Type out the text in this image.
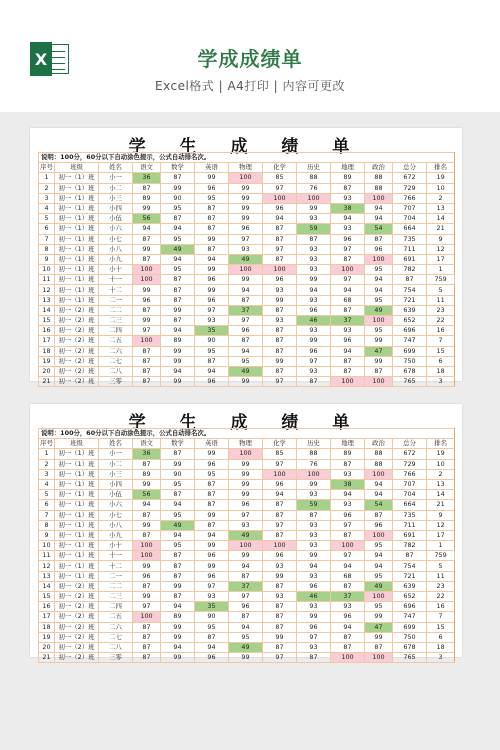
X	学成成绩单
Excel格式 | A4打印 | 内容可更改
学 生 成 绩 单
说明：100分，60分以下自动涂色提示，公式自动排名次。													
序号	班级	姓名	语文	数学	英语	物理	化学	历史	地理	政治	总分	排名	
1	初一（1）班	小一	36	87	99	100	85	88	89	88	672	19	
2	初一（1）班	小二	87	99	96	99	97	76	87	88	729	10	
3	初一（1）班	小三	89	90	95	99	100	100	93	100	766	2	
4	初一（1）班	小四	99	95	87	99	96	99	38	94	707	13	
5	初一（1）班	小伍	56	87	87	99	94	93	94	94	704	14	
6	初一（1）班	小六	94	94	87	96	87	59	93	54	664	21	
7	初一（1）班	小七	87	95	99	97	87	87	96	87	735	9	
8	初一（1）班	小八	99	49	87	93	97	93	97	96	711	12	
9	初一（1）班	小九	87	94	94	49	87	93	87	100	691	17	
10	初一（1）班	小十	100	95	99	100	100	93	100	95	782	1	
11	初一（1）班	十一	100	87	96	99	96	99	97	94	87	759	
12	初一（1）班	十二	99	87	99	94	93	94	94	94	754	5	
13	初一（1）班	二一	96	87	96	87	99	93	68	95	721	11	
14	初一（2）班	二二	87	99	97	37	87	96	87	49	639	23	
15	初一（2）班	二三	99	87	93	97	93	46	37	100	652	22	
16	初一（2）班	二四	97	94	35	96	87	93	93	95	696	16	
17	初一（2）班	二五	100	89	90	87	87	99	96	99	747	7	
18	初一（2）班	二六	87	99	95	94	87	96	94	47	699	15	
19	初一（2）班	二七	87	99	87	95	99	97	87	99	750	6	
20	初一（2）班	二八	87	94	94	49	87	93	87	87	678	18	
21	初一（2）班	三零	87	99	96	99	97	87	100	100	765	3	
学 生 成 绩 单
说明：100分，60分以下自动涂色提示，公式自动排名次。													
序号	班级	姓名	语文	数学	英语	物理	化学	历史	地理	政治	总分	排名	
1	初一（1）班	小一	36	87	99	100	85	88	89	88	672	19	
2	初一（1）班	小二	87	99	96	99	97	76	87	88	729	10	
3	初一（1）班	小三	89	90	95	99	100	100	93	100	766	2	
4	初一（1）班	小四	99	95	87	99	96	99	38	94	707	13	
5	初一（1）班	小伍	56	87	87	99	94	93	94	94	704	14	
6	初一（1）班	小六	94	94	87	96	87	59	93	54	664	21	
7	初一（1）班	小七	87	95	99	97	87	87	96	87	735	9	
8	初一（1）班	小八	99	49	87	93	97	93	97	96	711	12	
9	初一（1）班	小九	87	94	94	49	87	93	87	100	691	17	
10	初一（1）班	小十	100	95	99	100	100	93	100	95	782	1	
11	初一（1）班	十一	100	87	96	99	96	99	97	94	87	759	
12	初一（1）班	十二	99	87	99	94	93	94	94	94	754	5	
13	初一（1）班	二一	96	87	96	87	99	93	68	95	721	11	
14	初一（2）班	二二	87	99	97	37	87	96	87	49	639	23	
15	初一（2）班	二三	99	87	93	97	93	46	37	100	652	22	
16	初一（2）班	二四	97	94	35	96	87	93	93	95	696	16	
17	初一（2）班	二五	100	89	90	87	87	99	96	99	747	7	
18	初一（2）班	二六	87	99	95	94	87	96	94	47	699	15	
19	初一（2）班	二七	87	99	87	95	99	97	87	99	750	6	
20	初一（2）班	二八	87	94	94	49	87	93	87	87	678	18	
21	初一（2）班	三零	87	99	96	99	97	87	100	100	765	3	
